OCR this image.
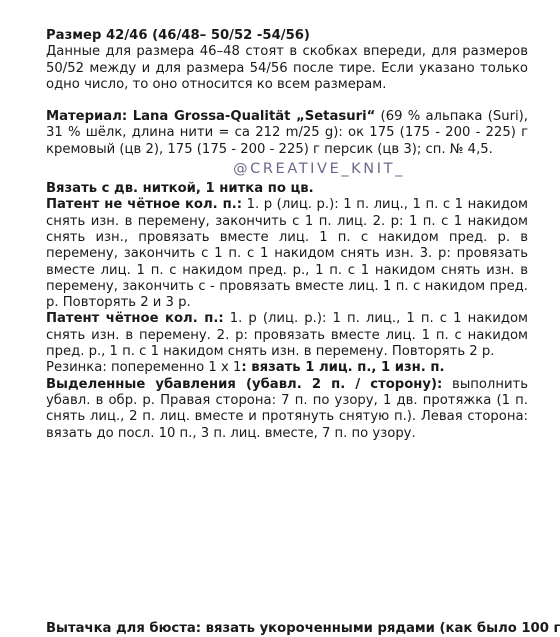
Размер 42/46 (46/48– 50/52 -54/56)

Данные для размера 46–48 стоят в скобках впереди, для размеров 50/52 между и для размера 54/56 после тире. Если указано только одно число, то оно относится ко всем размерам.

Материал: Lana Grossa-Qualität „Setasuri“ (69 % альпака (Suri), 31 % шёлк, длина нити = са 212 m/25 g): ок 175 (175 - 200 - 225) г кремовый (цв 2), 175 (175 - 200 - 225) г персик (цв 3); сп. № 4,5.

@CREATIVE_KNIT_

Вязать с дв. ниткой, 1 нитка по цв.

Патент не чётное кол. п.: 1. р (лиц. р.): 1 п. лиц., 1 п. с 1 накидом снять изн. в перемену, закончить с 1 п. лиц. 2. р: 1 п. с 1 накидом снять изн., провязать вместе лиц. 1 п. с накидом пред. р. в перемену, закончить с 1 п. с 1 накидом снять изн. 3. р: провязать вместе лиц. 1 п. с накидом пред. р., 1 п. с 1 накидом снять изн. в перемену, закончить с - провязать вместе лиц. 1 п. с накидом пред. р. Повторять 2 и 3 р.

Патент чётное кол. п.: 1. р (лиц. р.): 1 п. лиц., 1 п. с 1 накидом снять изн. в перемену. 2. р: провязать вместе лиц. 1 п. с накидом пред. р., 1 п. с 1 накидом снять изн. в перемену. Повторять 2 р.

Резинка: попеременно 1 х 1: вязать 1 лиц. п., 1 изн. п.

Выделенные убавления (убавл. 2 п. / сторону): выполнить убавл. в обр. р. Правая сторона: 7 п. по узору, 1 дв. протяжка (1 п. снять лиц., 2 п. лиц. вместе и протянуть снятую п.). Левая сторона: вязать до посл. 10 п., 3 п. лиц. вместе, 7 п. по узору.

Вытачка для бюста: вязать укороченными рядами (как было 100 г
